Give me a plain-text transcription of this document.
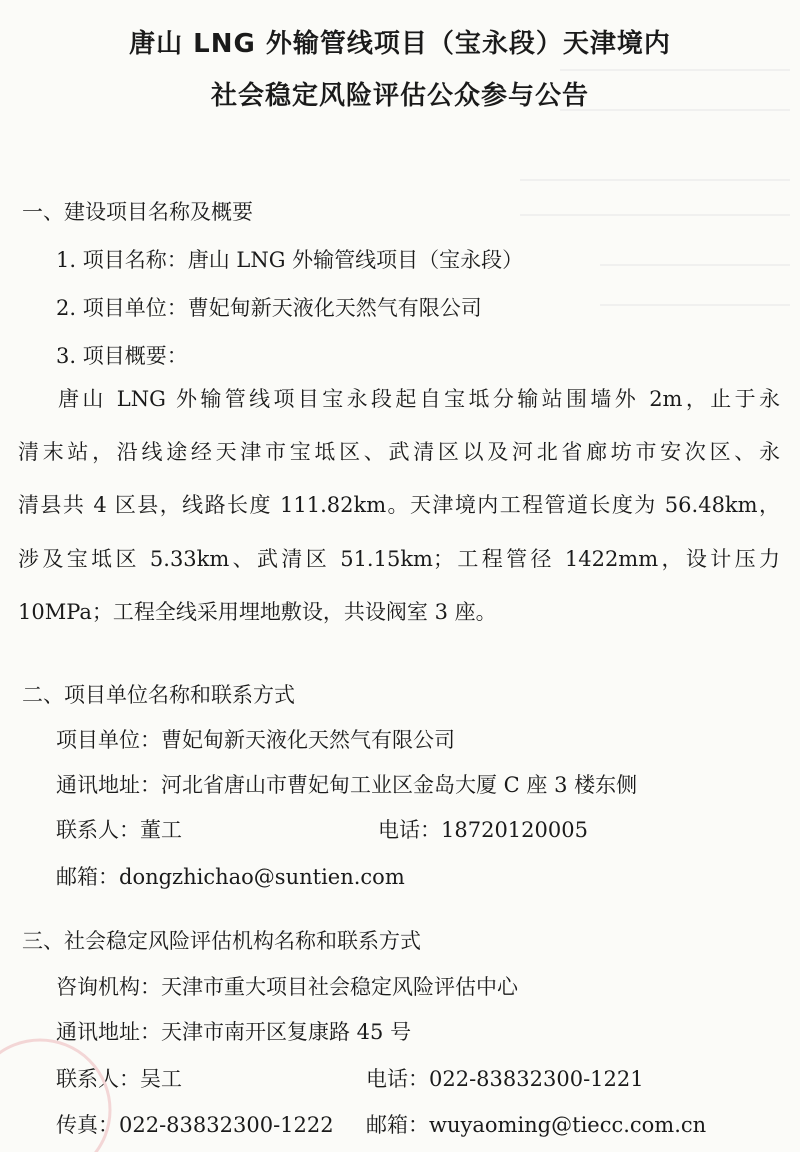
唐山 LNG 外输管线项目（宝永段）天津境内
社会稳定风险评估公众参与公告
一、建设项目名称及概要
1. 项目名称：唐山 LNG 外输管线项目（宝永段）
2. 项目单位：曹妃甸新天液化天然气有限公司
3. 项目概要：
唐山 LNG 外输管线项目宝永段起自宝坻分输站围墙外 2m，止于永
清末站，沿线途经天津市宝坻区、武清区以及河北省廊坊市安次区、永
清县共 4 区县，线路长度 111.82km。天津境内工程管道长度为 56.48km，
涉及宝坻区 5.33km、武清区 51.15km；工程管径 1422mm，设计压力
10MPa；工程全线采用埋地敷设，共设阀室 3 座。
二、项目单位名称和联系方式
项目单位：曹妃甸新天液化天然气有限公司
通讯地址：河北省唐山市曹妃甸工业区金岛大厦 C 座 3 楼东侧
联系人：董工	电话：18720120005
邮箱：dongzhichao@suntien.com
三、社会稳定风险评估机构名称和联系方式
咨询机构：天津市重大项目社会稳定风险评估中心
通讯地址：天津市南开区复康路 45 号
联系人：吴工	电话：022-83832300-1221
传真：022-83832300-1222 邮箱：wuyaoming@tiecc.com.cn
